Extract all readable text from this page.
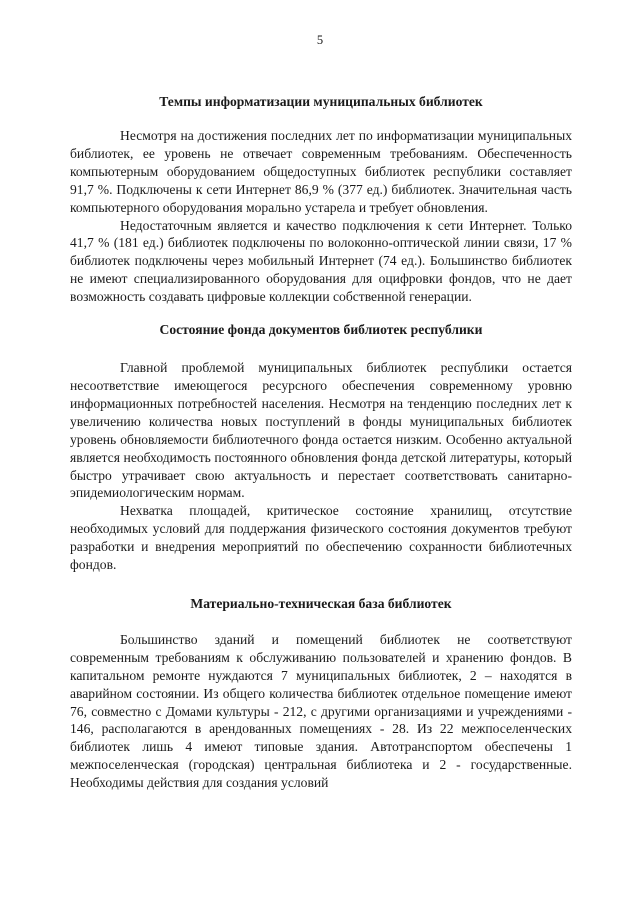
5
Темпы информатизации муниципальных библиотек

Несмотря на достижения последних лет по информатизации муниципальных библиотек, ее уровень не отвечает современным требованиям. Обеспеченность компьютерным оборудованием общедоступных библиотек республики составляет 91,7 %. Подключены к сети Интернет 86,9 % (377 ед.) библиотек. Значительная часть компьютерного оборудования морально устарела и требует обновления.

Недостаточным является и качество подключения к сети Интернет. Только 41,7 % (181 ед.) библиотек подключены по волоконно-оптической линии связи, 17 % библиотек подключены через мобильный Интернет (74 ед.). Большинство библиотек не имеют специализированного оборудования для оцифровки фондов, что не дает возможность создавать цифровые коллекции собственной генерации.

Состояние фонда документов библиотек республики

Главной проблемой муниципальных библиотек республики остается несоответствие имеющегося ресурсного обеспечения современному уровню информационных потребностей населения. Несмотря на тенденцию последних лет к увеличению количества новых поступлений в фонды муниципальных библиотек уровень обновляемости библиотечного фонда остается низким. Особенно актуальной является необходимость постоянного обновления фонда детской литературы, который быстро утрачивает свою актуальность и перестает соответствовать санитарно-эпидемиологическим нормам.

Нехватка площадей, критическое состояние хранилищ, отсутствие необходимых условий для поддержания физического состояния документов требуют разработки и внедрения мероприятий по обеспечению сохранности библиотечных фондов.

Материально-техническая база библиотек

Большинство зданий и помещений библиотек не соответствуют современным требованиям к обслуживанию пользователей и хранению фондов. В капитальном ремонте нуждаются 7 муниципальных библиотек, 2 – находятся в аварийном состоянии. Из общего количества библиотек отдельное помещение имеют 76, совместно с Домами культуры - 212, с другими организациями и учреждениями - 146, располагаются в арендованных помещениях - 28. Из 22 межпоселенческих библиотек лишь 4 имеют типовые здания. Автотранспортом обеспечены 1 межпоселенческая (городская) центральная библиотека и 2 - государственные. Необходимы действия для создания условий
